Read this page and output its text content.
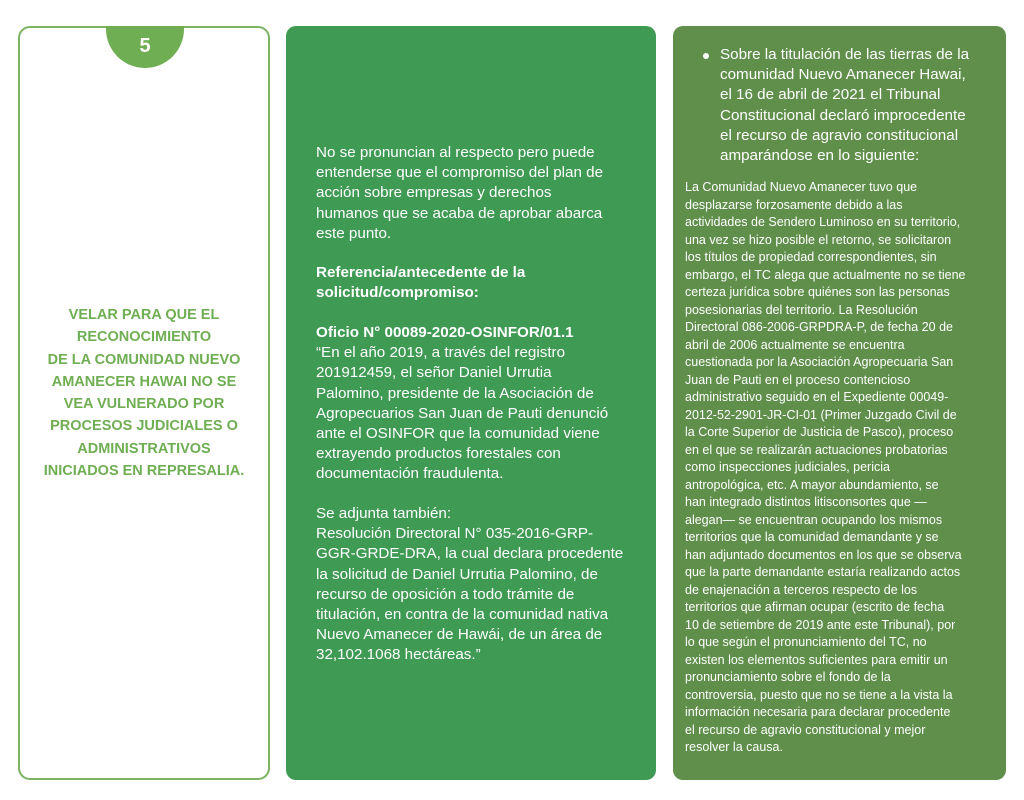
5
VELAR PARA QUE EL
RECONOCIMIENTO
DE LA COMUNIDAD NUEVO
AMANECER HAWAI NO SE
VEA VULNERADO POR
PROCESOS JUDICIALES O
ADMINISTRATIVOS
INICIADOS EN REPRESALIA.
No se pronuncian al respecto pero puede
entenderse que el compromiso del plan de
acción sobre empresas y derechos
humanos que se acaba de aprobar abarca
este punto.
Referencia/antecedente de la
solicitud/compromiso:
Oficio N° 00089-2020-OSINFOR/01.1
“En el año 2019, a través del registro
201912459, el señor Daniel Urrutia
Palomino, presidente de la Asociación de
Agropecuarios San Juan de Pauti denunció
ante el OSINFOR que la comunidad viene
extrayendo productos forestales con
documentación fraudulenta.
Se adjunta también:
Resolución Directoral N° 035-2016-GRP-
GGR-GRDE-DRA, la cual declara procedente
la solicitud de Daniel Urrutia Palomino, de
recurso de oposición a todo trámite de
titulación, en contra de la comunidad nativa
Nuevo Amanecer de Hawái, de un área de
32,102.1068 hectáreas.”
Sobre la titulación de las tierras de la
comunidad Nuevo Amanecer Hawai,
el 16 de abril de 2021 el Tribunal
Constitucional declaró improcedente
el recurso de agravio constitucional
amparándose en lo siguiente:
La Comunidad Nuevo Amanecer tuvo que
desplazarse forzosamente debido a las
actividades de Sendero Luminoso en su territorio,
una vez se hizo posible el retorno, se solicitaron
los títulos de propiedad correspondientes, sin
embargo, el TC alega que actualmente no se tiene
certeza jurídica sobre quiénes son las personas
posesionarias del territorio. La Resolución
Directoral 086-2006-GRPDRA-P, de fecha 20 de
abril de 2006 actualmente se encuentra
cuestionada por la Asociación Agropecuaria San
Juan de Pauti en el proceso contencioso
administrativo seguido en el Expediente 00049-
2012-52-2901-JR-CI-01 (Primer Juzgado Civil de
la Corte Superior de Justicia de Pasco), proceso
en el que se realizarán actuaciones probatorias
como inspecciones judiciales, pericia
antropológica, etc. A mayor abundamiento, se
han integrado distintos litisconsortes que —
alegan— se encuentran ocupando los mismos
territorios que la comunidad demandante y se
han adjuntado documentos en los que se observa
que la parte demandante estaría realizando actos
de enajenación a terceros respecto de los
territorios que afirman ocupar (escrito de fecha
10 de setiembre de 2019 ante este Tribunal), por
lo que según el pronunciamiento del TC, no
existen los elementos suficientes para emitir un
pronunciamiento sobre el fondo de la
controversia, puesto que no se tiene a la vista la
información necesaria para declarar procedente
el recurso de agravio constitucional y mejor
resolver la causa.
